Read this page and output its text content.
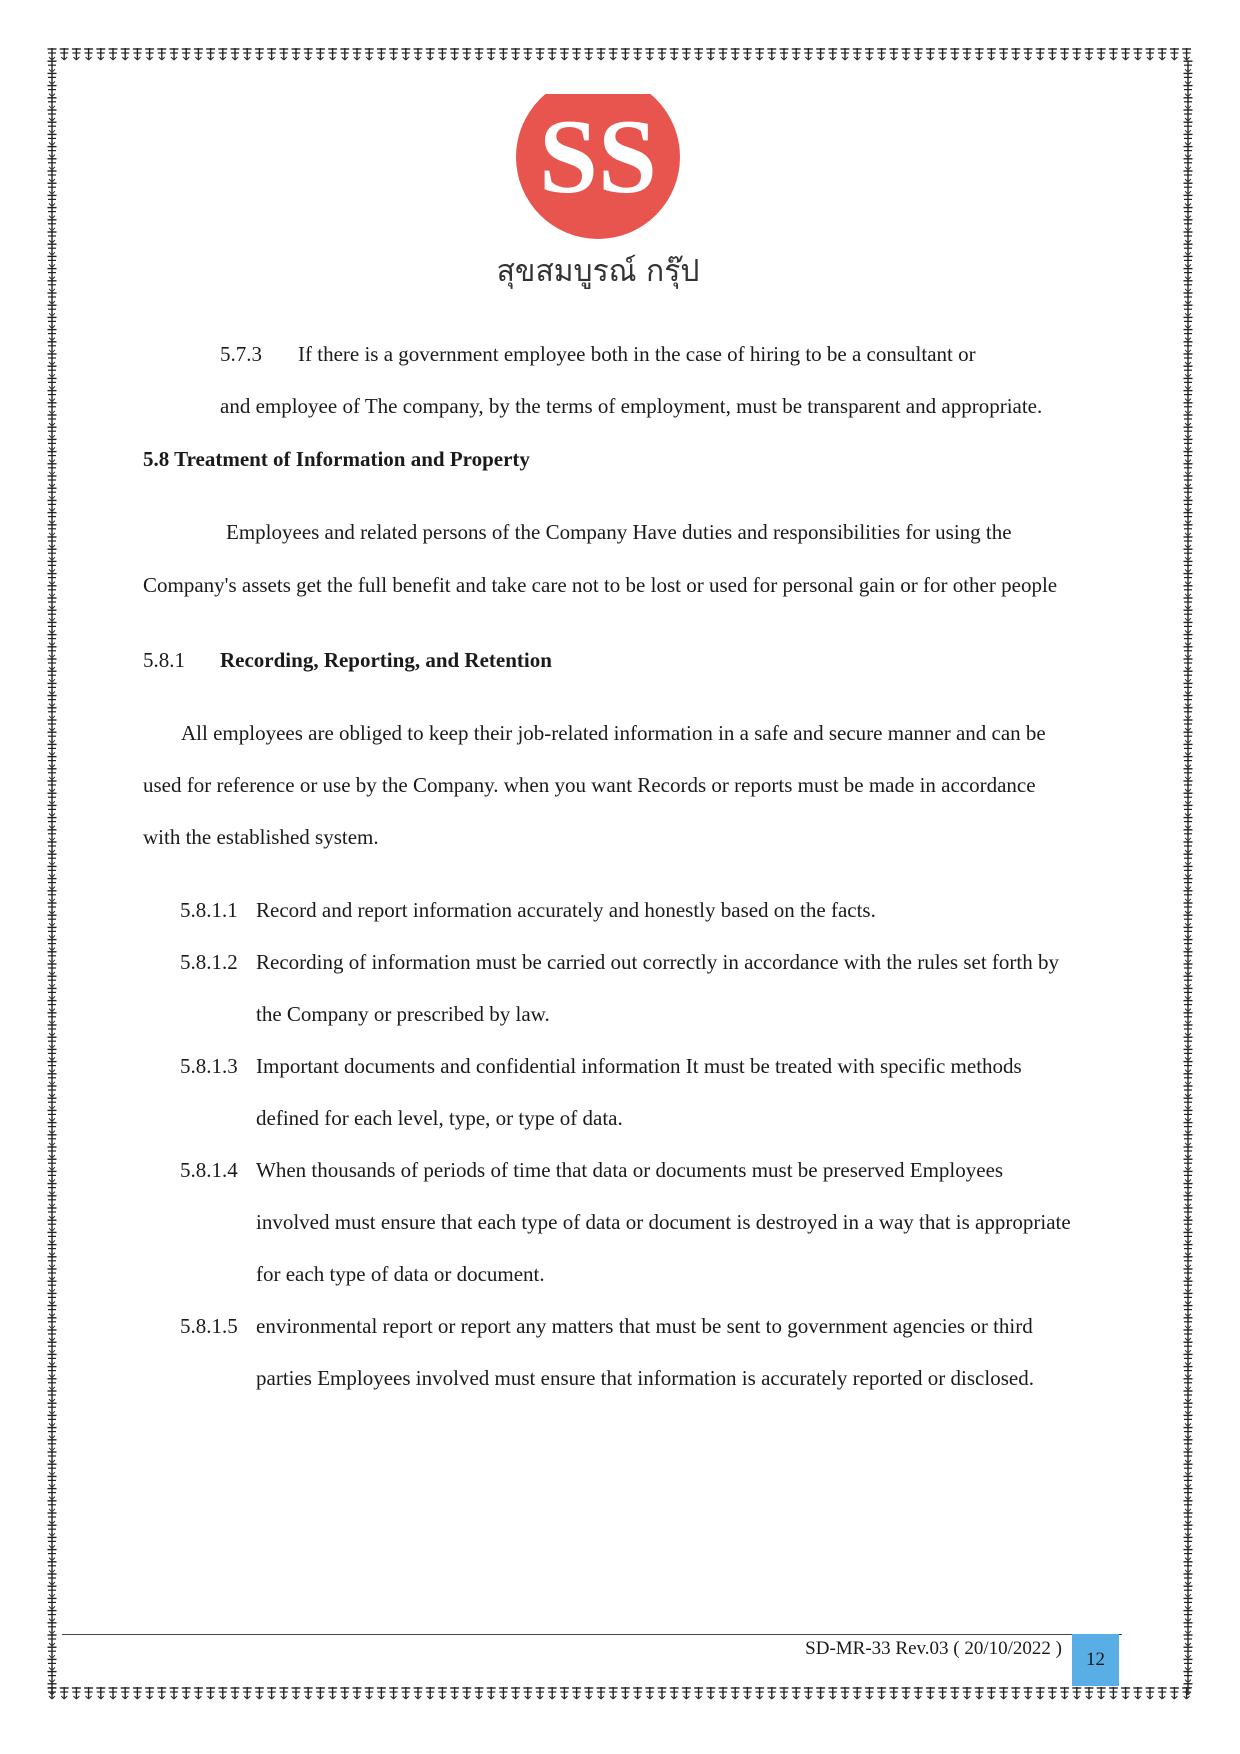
SS
สุขสมบูรณ์ กรุ๊ป
5.7.3 If there is a government employee both in the case of hiring to be a consultant or
and employee of The company, by the terms of employment, must be transparent and appropriate.
5.8 Treatment of Information and Property
Employees and related persons of the Company Have duties and responsibilities for using the
Company's assets get the full benefit and take care not to be lost or used for personal gain or for other people
5.8.1 Recording, Reporting, and Retention
All employees are obliged to keep their job-related information in a safe and secure manner and can be
used for reference or use by the Company. when you want Records or reports must be made in accordance
with the established system.
5.8.1.1 Record and report information accurately and honestly based on the facts.
5.8.1.2 Recording of information must be carried out correctly in accordance with the rules set forth by
the Company or prescribed by law.
5.8.1.3 Important documents and confidential information It must be treated with specific methods
defined for each level, type, or type of data.
5.8.1.4 When thousands of periods of time that data or documents must be preserved Employees
involved must ensure that each type of data or document is destroyed in a way that is appropriate
for each type of data or document.
5.8.1.5 environmental report or report any matters that must be sent to government agencies or third
parties Employees involved must ensure that information is accurately reported or disclosed.
SD-MR-33 Rev.03 ( 20/10/2022 )
12
